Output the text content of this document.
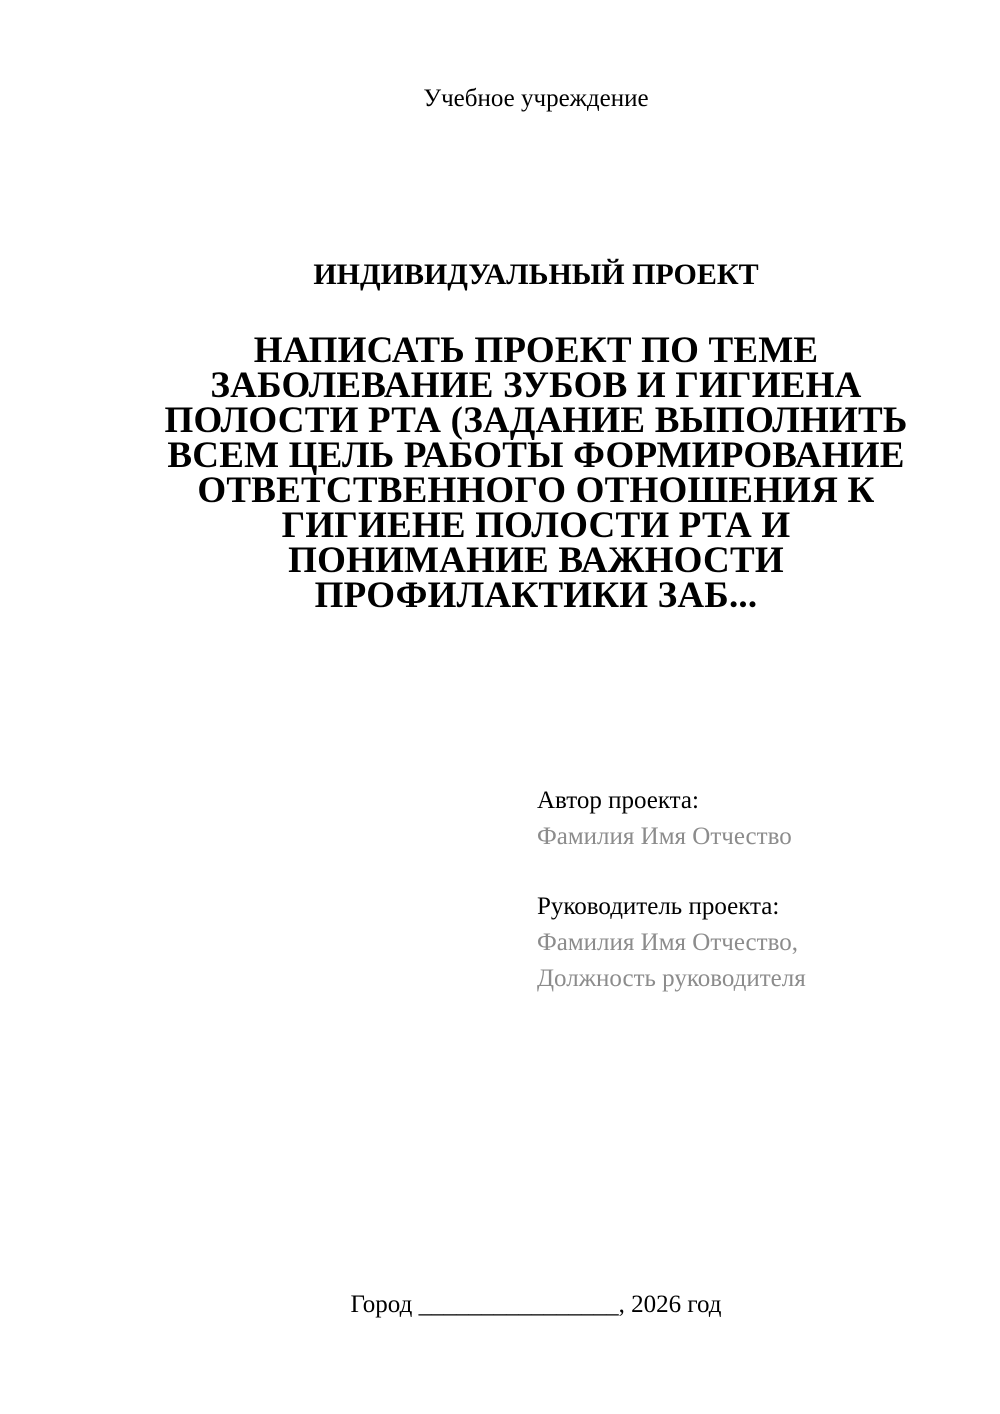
Учебное учреждение
ИНДИВИДУАЛЬНЫЙ ПРОЕКТ
НАПИСАТЬ ПРОЕКТ ПО ТЕМЕ
ЗАБОЛЕВАНИЕ ЗУБОВ И ГИГИЕНА
ПОЛОСТИ РТА (ЗАДАНИЕ ВЫПОЛНИТЬ
ВСЕМ ЦЕЛЬ РАБОТЫ ФОРМИРОВАНИЕ
ОТВЕТСТВЕННОГО ОТНОШЕНИЯ К
ГИГИЕНЕ ПОЛОСТИ РТА И
ПОНИМАНИЕ ВАЖНОСТИ
ПРОФИЛАКТИКИ ЗАБ...
Автор проекта:
Фамилия Имя Отчество
Руководитель проекта:
Фамилия Имя Отчество,
Должность руководителя
Город ________________, 2026 год
